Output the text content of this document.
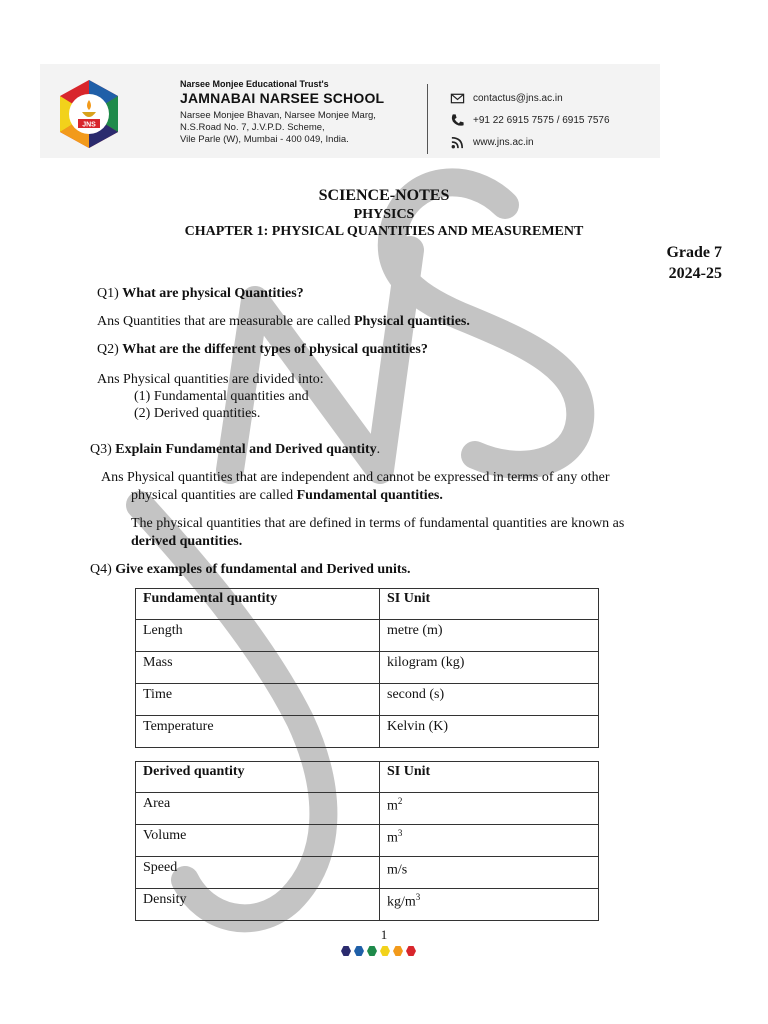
JNS
Narsee Monjee Educational Trust's
JAMNABAI NARSEE SCHOOL
Narsee Monjee Bhavan, Narsee Monjee Marg,
N.S.Road No. 7, J.V.P.D. Scheme,
Vile Parle (W), Mumbai - 400 049, India.
contactus@jns.ac.in
+91 22 6915 7575 / 6915 7576
www.jns.ac.in
SCIENCE-NOTES
PHYSICS
CHAPTER 1: PHYSICAL QUANTITIES AND MEASUREMENT
Grade 7
2024-25
Q1) What are physical Quantities?
Ans Quantities that are measurable are called Physical quantities.
Q2) What are the different types of physical quantities?
Ans Physical quantities are divided into:
(1) Fundamental quantities and
(2) Derived quantities.
Q3) Explain Fundamental and Derived quantity.
Ans Physical quantities that are independent and cannot be expressed in terms of any other
physical quantities are called Fundamental quantities.
The physical quantities that are defined in terms of fundamental quantities are known as
derived quantities.
Q4) Give examples of fundamental and Derived units.
Fundamental quantity	SI Unit
Length	metre (m)
Mass	kilogram (kg)
Time	second (s)
Temperature	Kelvin (K)
Derived quantity	SI Unit
Area	$m^2$
Volume	$m^3$
Speed	m/s
Density	$kg/m^3$
1
